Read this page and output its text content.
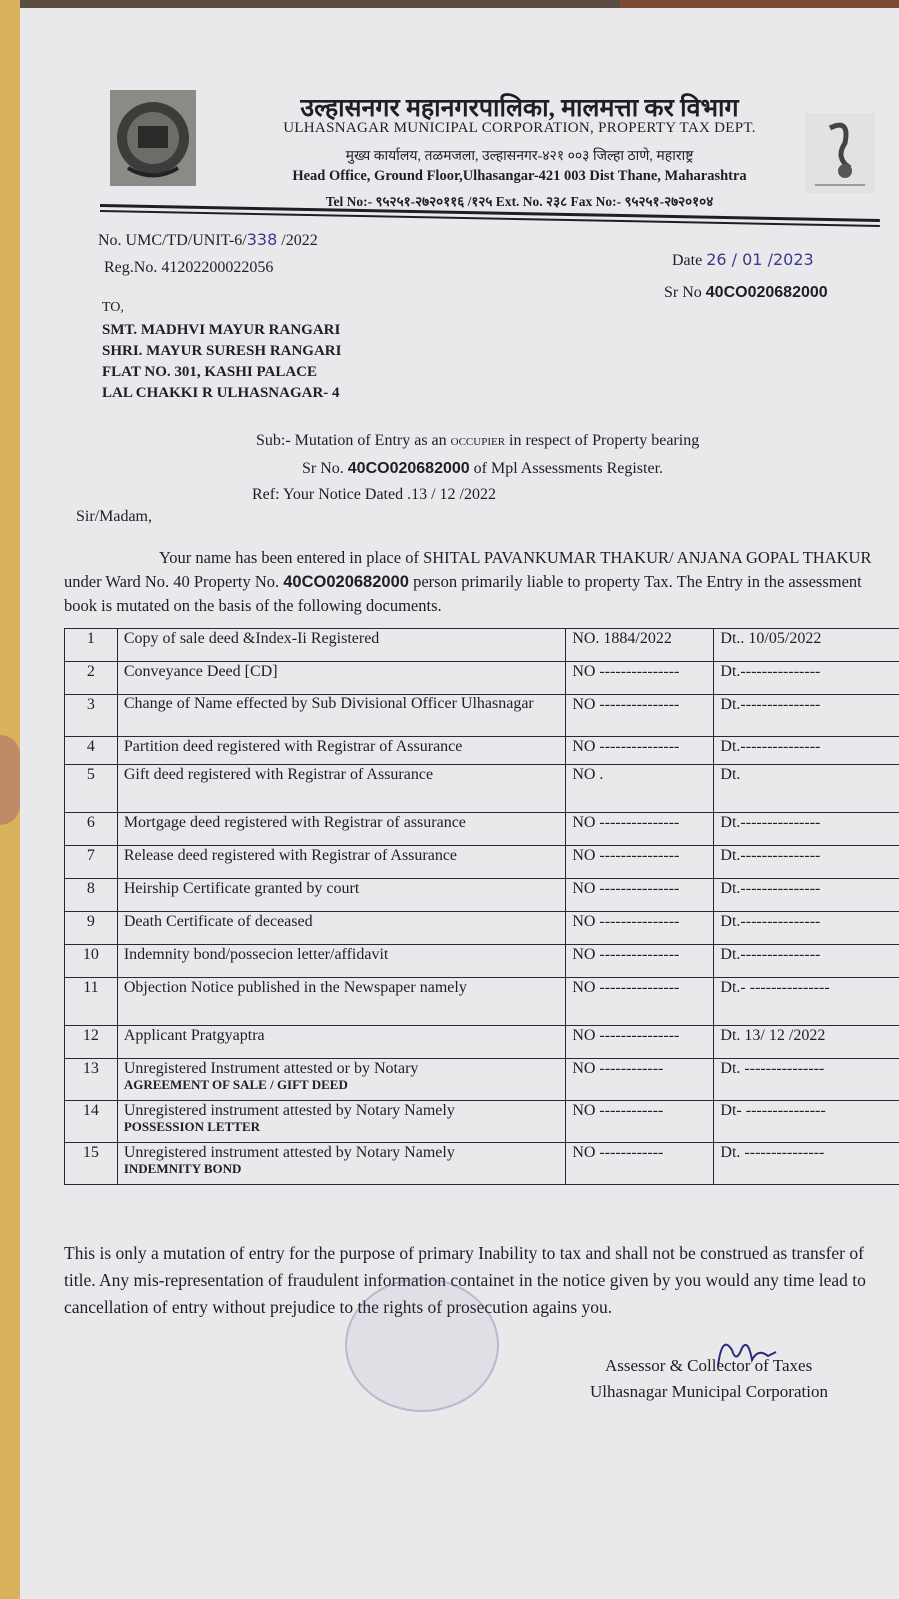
उल्हासनगर महानगरपालिका, मालमत्ता कर विभाग
ULHASNAGAR MUNICIPAL CORPORATION, PROPERTY TAX DEPT.
मुख्य कार्यालय, तळमजला, उल्हासनगर-४२१ ००३ जिल्हा ठाणे, महाराष्ट्र
Head Office, Ground Floor,Ulhasangar-421 003 Dist Thane, Maharashtra
Tel No:- ९५२५१-२७२०११६ /१२५ Ext. No. २३८ Fax No:- ९५२५१-२७२०१०४
No. UMC/TD/UNIT-6/338 /2022
Reg.No. 41202200022056	Date 26 / 01 /2023
Sr No 40CO020682000
TO,
SMT. MADHVI MAYUR RANGARI
SHRI. MAYUR SURESH RANGARI
FLAT NO. 301, KASHI PALACE
LAL CHAKKI R ULHASNAGAR- 4
Sub:- Mutation of Entry as an OCCUPIER in respect of Property bearing
Sr No. 40CO020682000 of Mpl Assessments Register.
Ref: Your Notice Dated .13 / 12 /2022
Sir/Madam,
Your name has been entered in place of SHITAL PAVANKUMAR THAKUR/ ANJANA GOPAL THAKUR under Ward No. 40 Property No. 40CO020682000 person primarily liable to property Tax. The Entry in the assessment book is mutated on the basis of the following documents.
1	Copy of sale deed &Index-Ii Registered	NO. 1884/2022	Dt.. 10/05/2022
2	Conveyance Deed [CD]	NO ---------------	Dt.---------------
3	Change of Name effected by Sub Divisional Officer Ulhasnagar	NO ---------------	Dt.---------------
4	Partition deed registered with Registrar of Assurance	NO ---------------	Dt.---------------
5	Gift deed registered with Registrar of Assurance	NO .	Dt.
6	Mortgage deed registered with Registrar of assurance	NO ---------------	Dt.---------------
7	Release deed registered with Registrar of Assurance	NO ---------------	Dt.---------------
8	Heirship Certificate granted by court	NO ---------------	Dt.---------------
9	Death Certificate of deceased	NO ---------------	Dt.---------------
10	Indemnity bond/possecion letter/affidavit	NO ---------------	Dt.---------------
11	Objection Notice published in the Newspaper namely	NO ---------------	Dt.- ---------------
12	Applicant Pratgyaptra	NO ---------------	Dt. 13/ 12 /2022
13	Unregistered Instrument attested or by Notary
AGREEMENT OF SALE / GIFT DEED	NO ------------	Dt. ---------------
14	Unregistered instrument attested by Notary Namely
POSSESSION LETTER	NO ------------	Dt- ---------------
15	Unregistered instrument attested by Notary Namely
INDEMNITY BOND	NO ------------	Dt. ---------------
This is only a mutation of entry for the purpose of primary Inability to tax and shall not be construed as transfer of title. Any mis-representation of fraudulent information containet in the notice given by you would any time lead to cancellation of entry without prejudice to the rights of prosecution agains you.
Assessor & Collector of Taxes
Ulhasnagar Municipal Corporation
